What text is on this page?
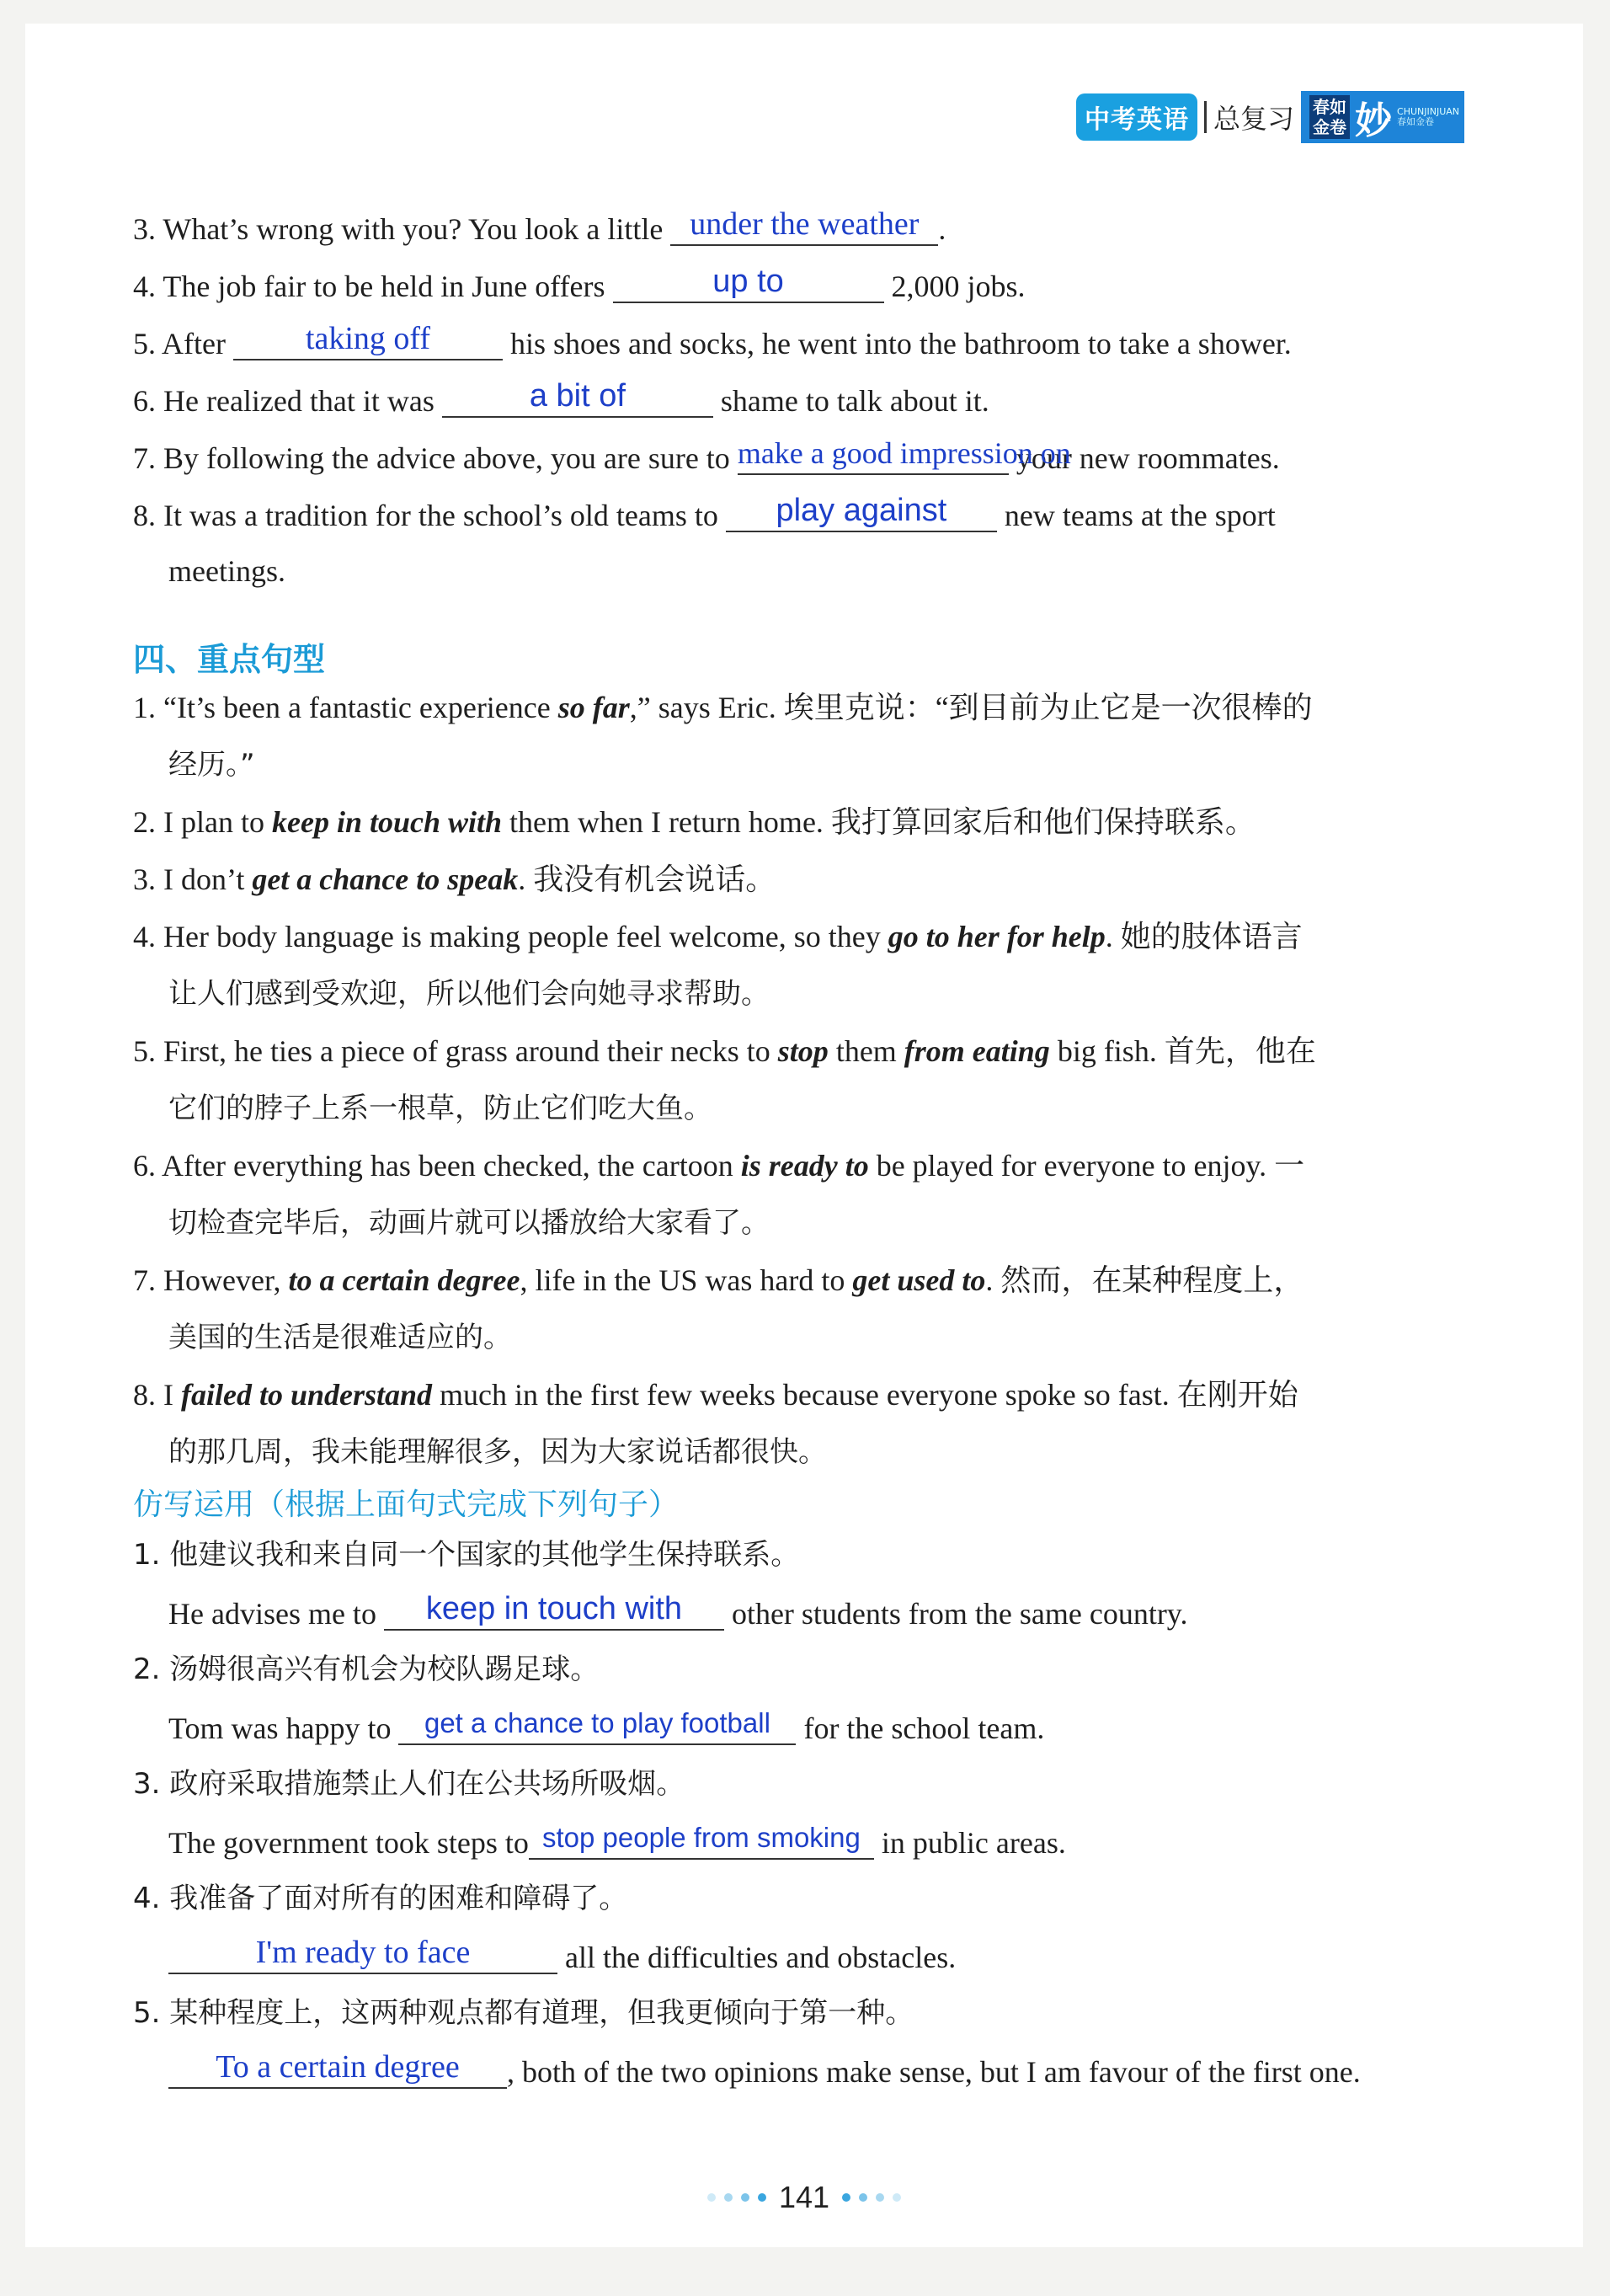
中考英语 总复习 春如
金卷 妙 CHUNJINJUAN 春如金卷
3. What’s wrong with you? You look a little under the weather .
4. The job fair to be held in June offers	up to	2,000 jobs.
5. After	taking off	his shoes and socks, he went into the bathroom to take a shower.
6. He realized that it was	a bit of	shame to talk about it.
7. By following the advice above, you are sure to make a good impression on
your new roommates.
8. It was a tradition for the school’s old teams to	play against	new teams at the sport
meetings.
四、重点句型
1. “It’s been a fantastic experience so far,” says Eric. 埃里克说：“到目前为止它是一次很棒的
经历。”
2. I plan to keep in touch with them when I return home. 我打算回家后和他们保持联系。
3. I don’t get a chance to speak. 我没有机会说话。
4. Her body language is making people feel welcome, so they go to her for help. 她的肢体语言
让人们感到受欢迎，所以他们会向她寻求帮助。
5. First, he ties a piece of grass around their necks to stop them from eating big fish. 首先，他在
它们的脖子上系一根草，防止它们吃大鱼。
6. After everything has been checked, the cartoon is ready to be played for everyone to enjoy. 一
切检查完毕后，动画片就可以播放给大家看了。
7. However, to a certain degree, life in the US was hard to get used to. 然而，在某种程度上，
美国的生活是很难适应的。
8. I failed to understand much in the first few weeks because everyone spoke so fast. 在刚开始
的那几周，我未能理解很多，因为大家说话都很快。
仿写运用（根据上面句式完成下列句子）
1. 他建议我和来自同一个国家的其他学生保持联系。
He advises me to	keep in touch with	other students from the same country.
2. 汤姆很高兴有机会为校队踢足球。
Tom was happy to get a chance to play football for the school team.
3. 政府采取措施禁止人们在公共场所吸烟。
The government took steps to stop people from smoking in public areas.
4. 我准备了面对所有的困难和障碍了。
I'm ready to face	all the difficulties and obstacles.
5. 某种程度上，这两种观点都有道理，但我更倾向于第一种。
To a certain degree	, both of the two opinions make sense, but I am favour of the first one.
141
